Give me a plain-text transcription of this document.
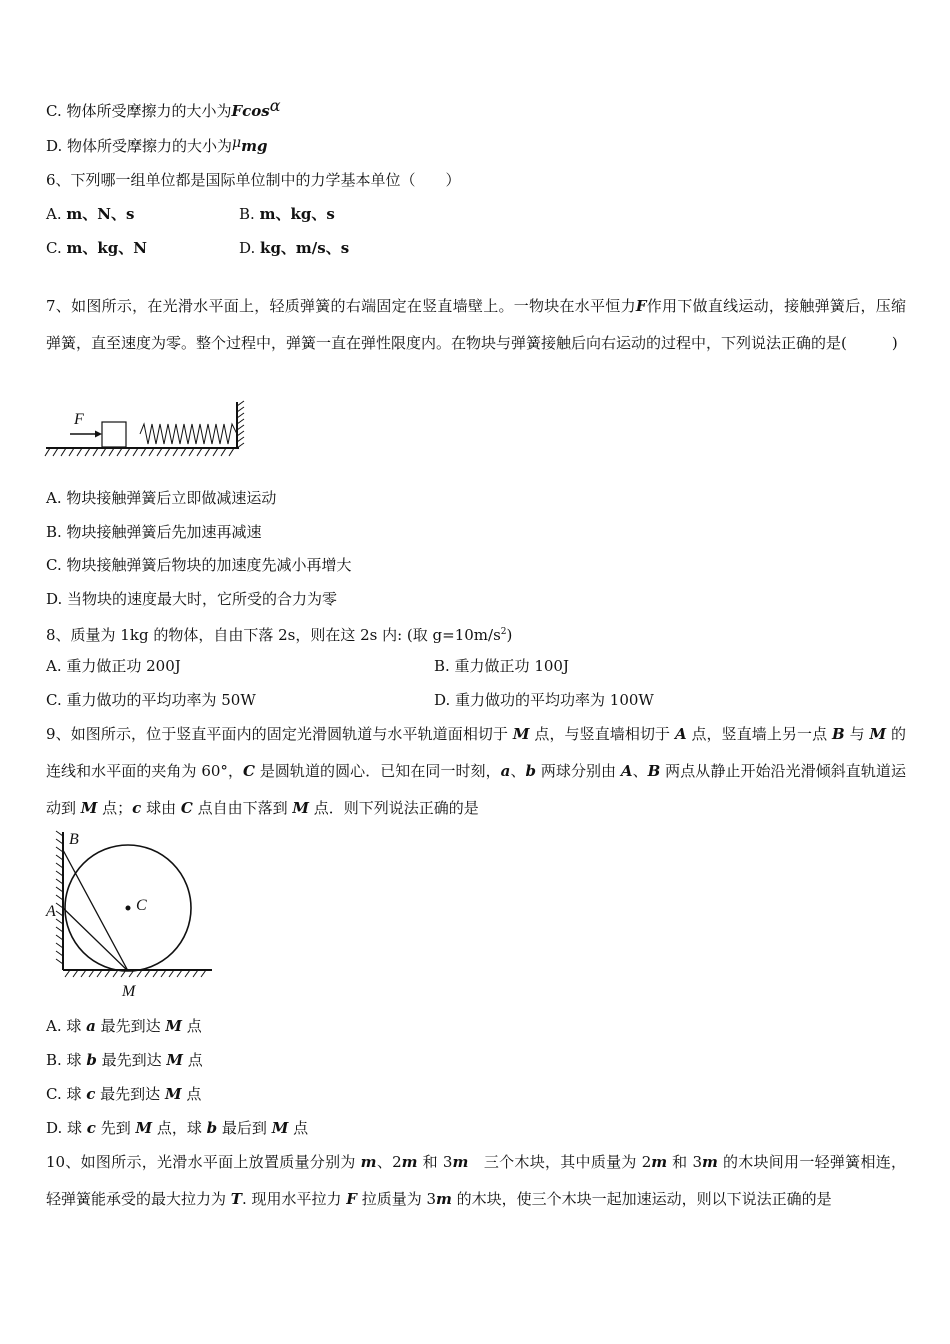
C. 物体所受摩擦力的大小为Fcosα
D. 物体所受摩擦力的大小为μmg
6、下列哪一组单位都是国际单位制中的力学基本单位（　　）
A. m、N、s	B. m、kg、s
C. m、kg、N	D. kg、m/s、s
7、如图所示，在光滑水平面上，轻质弹簧的右端固定在竖直墙壁上。一物块在水平恒力F作用下做直线运动，接触弹簧后，压缩弹簧，直至速度为零。整个过程中，弹簧一直在弹性限度内。在物块与弹簧接触后向右运动的过程中，下列说法正确的是(　　　)
F
A. 物块接触弹簧后立即做减速运动
B. 物块接触弹簧后先加速再减速
C. 物块接触弹簧后物块的加速度先减小再增大
D. 当物块的速度最大时，它所受的合力为零
8、质量为 1kg 的物体，自由下落 2s，则在这 2s 内: (取 $g=10m/s^2$)
A. 重力做正功 200J	B. 重力做正功 100J
C. 重力做功的平均功率为 50W	D. 重力做功的平均功率为 100W
9、如图所示，位于竖直平面内的固定光滑圆轨道与水平轨道面相切于 M 点，与竖直墙相切于 A 点，竖直墙上另一点 B 与 M 的连线和水平面的夹角为 60°，C 是圆轨道的圆心．已知在同一时刻，a、b 两球分别由 A、B 两点从静止开始沿光滑倾斜直轨道运动到 M 点；c 球由 C 点自由下落到 M 点．则下列说法正确的是
B
A	C
M
A. 球 a 最先到达 M 点
B. 球 b 最先到达 M 点
C. 球 c 最先到达 M 点
D. 球 c 先到 M 点，球 b 最后到 M 点
10、如图所示，光滑水平面上放置质量分别为 m、2m 和 3m　三个木块，其中质量为 2m 和 3m 的木块间用一轻弹簧相连，轻弹簧能承受的最大拉力为 T. 现用水平拉力 F 拉质量为 3m 的木块，使三个木块一起加速运动，则以下说法正确的是
